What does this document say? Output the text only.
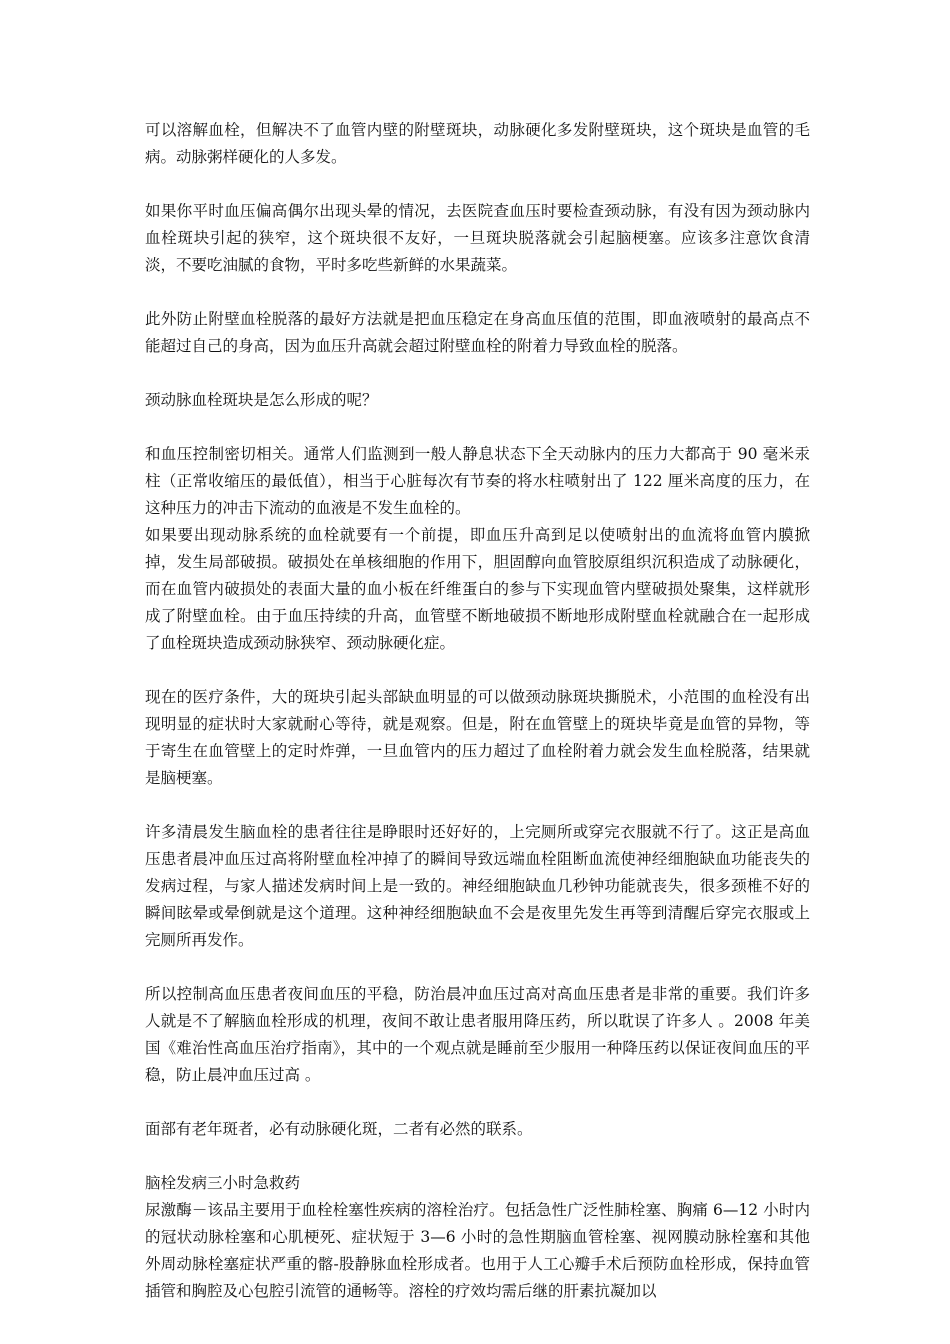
可以溶解血栓，但解决不了血管内壁的附壁斑块，动脉硬化多发附壁斑块，这个斑块是血管的毛病。动脉粥样硬化的人多发。

如果你平时血压偏高偶尔出现头晕的情况，去医院查血压时要检查颈动脉，有没有因为颈动脉内血栓斑块引起的狭窄，这个斑块很不友好，一旦斑块脱落就会引起脑梗塞。应该多注意饮食清淡，不要吃油腻的食物，平时多吃些新鲜的水果蔬菜。

此外防止附壁血栓脱落的最好方法就是把血压稳定在身高血压值的范围，即血液喷射的最高点不能超过自己的身高，因为血压升高就会超过附壁血栓的附着力导致血栓的脱落。

颈动脉血栓斑块是怎么形成的呢？

和血压控制密切相关。通常人们监测到一般人静息状态下全天动脉内的压力大都高于 90 毫米汞柱（正常收缩压的最低值），相当于心脏每次有节奏的将水柱喷射出了 122 厘米高度的压力，在这种压力的冲击下流动的血液是不发生血栓的。

如果要出现动脉系统的血栓就要有一个前提，即血压升高到足以使喷射出的血流将血管内膜掀掉，发生局部破损。破损处在单核细胞的作用下，胆固醇向血管胶原组织沉积造成了动脉硬化，而在血管内破损处的表面大量的血小板在纤维蛋白的参与下实现血管内壁破损处聚集，这样就形成了附壁血栓。由于血压持续的升高，血管壁不断地破损不断地形成附壁血栓就融合在一起形成了血栓斑块造成颈动脉狭窄、颈动脉硬化症。

现在的医疗条件，大的斑块引起头部缺血明显的可以做颈动脉斑块撕脱术，小范围的血栓没有出现明显的症状时大家就耐心等待，就是观察。但是，附在血管壁上的斑块毕竟是血管的异物，等于寄生在血管壁上的定时炸弹，一旦血管内的压力超过了血栓附着力就会发生血栓脱落，结果就是脑梗塞。

许多清晨发生脑血栓的患者往往是睁眼时还好好的，上完厕所或穿完衣服就不行了。这正是高血压患者晨冲血压过高将附壁血栓冲掉了的瞬间导致远端血栓阻断血流使神经细胞缺血功能丧失的发病过程，与家人描述发病时间上是一致的。神经细胞缺血几秒钟功能就丧失，很多颈椎不好的瞬间眩晕或晕倒就是这个道理。这种神经细胞缺血不会是夜里先发生再等到清醒后穿完衣服或上完厕所再发作。

所以控制高血压患者夜间血压的平稳，防治晨冲血压过高对高血压患者是非常的重要。我们许多人就是不了解脑血栓形成的机理，夜间不敢让患者服用降压药，所以耽误了许多人 。2008 年美国《难治性高血压治疗指南》，其中的一个观点就是睡前至少服用一种降压药以保证夜间血压的平稳，防止晨冲血压过高 。

面部有老年斑者，必有动脉硬化斑，二者有必然的联系。

脑栓发病三小时急救药

尿激酶－该品主要用于血栓栓塞性疾病的溶栓治疗。包括急性广泛性肺栓塞、胸痛 6—12 小时内的冠状动脉栓塞和心肌梗死、症状短于 3—6 小时的急性期脑血管栓塞、视网膜动脉栓塞和其他外周动脉栓塞症状严重的髂-股静脉血栓形成者。也用于人工心瓣手术后预防血栓形成，保持血管插管和胸腔及心包腔引流管的通畅等。溶栓的疗效均需后继的肝素抗凝加以
